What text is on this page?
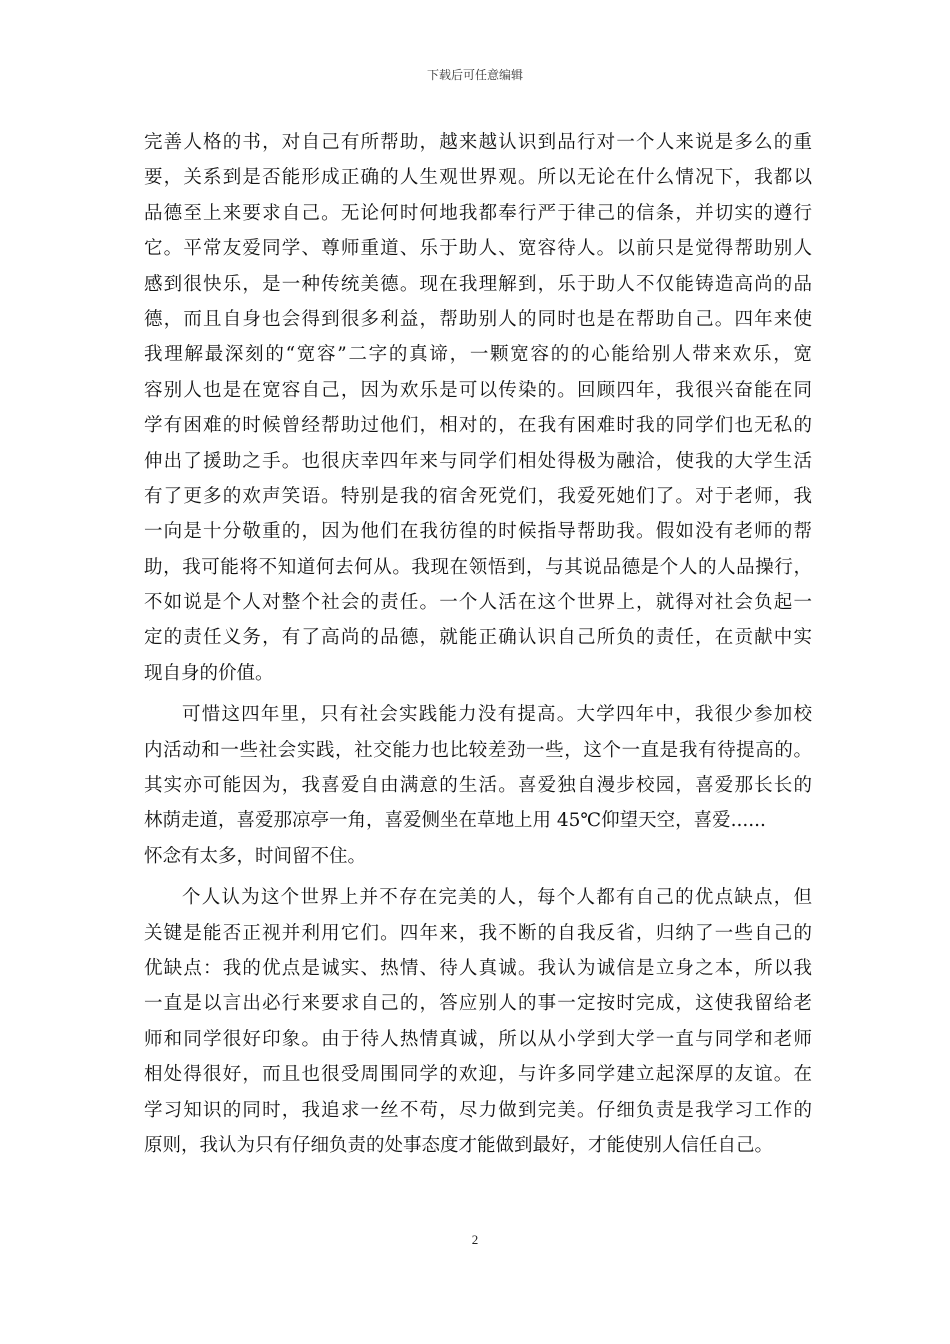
下载后可任意编辑
完善人格的书，对自己有所帮助，越来越认识到品行对一个人来说是多么的重
要，关系到是否能形成正确的人生观世界观。所以无论在什么情况下，我都以
品德至上来要求自己。无论何时何地我都奉行严于律己的信条，并切实的遵行
它。平常友爱同学、尊师重道、乐于助人、宽容待人。以前只是觉得帮助别人
感到很快乐，是一种传统美德。现在我理解到，乐于助人不仅能铸造高尚的品
德，而且自身也会得到很多利益，帮助别人的同时也是在帮助自己。四年来使
我理解最深刻的“宽容”二字的真谛，一颗宽容的的心能给别人带来欢乐，宽
容别人也是在宽容自己，因为欢乐是可以传染的。回顾四年，我很兴奋能在同
学有困难的时候曾经帮助过他们，相对的，在我有困难时我的同学们也无私的
伸出了援助之手。也很庆幸四年来与同学们相处得极为融洽，使我的大学生活
有了更多的欢声笑语。特别是我的宿舍死党们，我爱死她们了。对于老师，我
一向是十分敬重的，因为他们在我彷徨的时候指导帮助我。假如没有老师的帮
助，我可能将不知道何去何从。我现在领悟到，与其说品德是个人的人品操行，
不如说是个人对整个社会的责任。一个人活在这个世界上，就得对社会负起一
定的责任义务，有了高尚的品德，就能正确认识自己所负的责任，在贡献中实
现自身的价值。
可惜这四年里，只有社会实践能力没有提高。大学四年中，我很少参加校
内活动和一些社会实践，社交能力也比较差劲一些，这个一直是我有待提高的。
其实亦可能因为，我喜爱自由满意的生活。喜爱独自漫步校园，喜爱那长长的
林荫走道，喜爱那凉亭一角，喜爱侧坐在草地上用 45℃仰望天空，喜爱......
怀念有太多，时间留不住。
个人认为这个世界上并不存在完美的人，每个人都有自己的优点缺点，但
关键是能否正视并利用它们。四年来，我不断的自我反省，归纳了一些自己的
优缺点：我的优点是诚实、热情、待人真诚。我认为诚信是立身之本，所以我
一直是以言出必行来要求自己的，答应别人的事一定按时完成，这使我留给老
师和同学很好印象。由于待人热情真诚，所以从小学到大学一直与同学和老师
相处得很好，而且也很受周围同学的欢迎，与许多同学建立起深厚的友谊。在
学习知识的同时，我追求一丝不苟，尽力做到完美。仔细负责是我学习工作的
原则，我认为只有仔细负责的处事态度才能做到最好，才能使别人信任自己。
2
